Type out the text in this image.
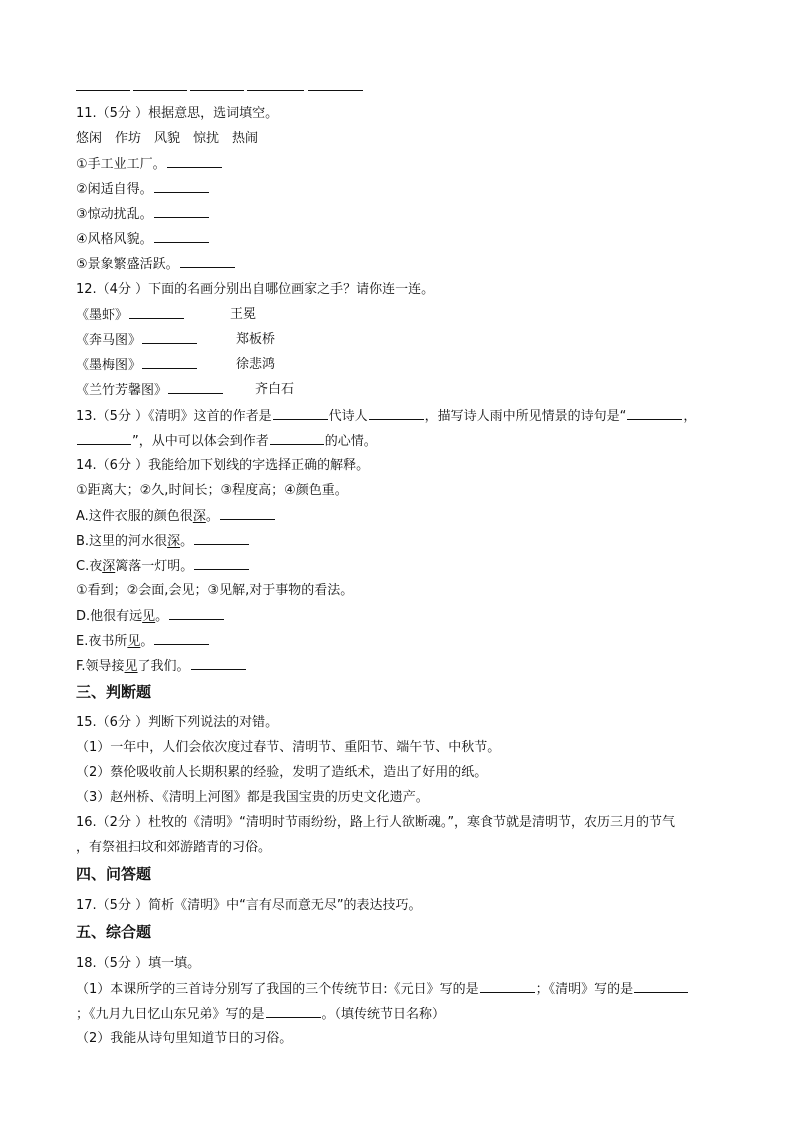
11.（5分 ）根据意思，选词填空。
悠闲　作坊　风貌　惊扰　热闹
①手工业工厂。
②闲适自得。
③惊动扰乱。
④风格风貌。
⑤景象繁盛活跃。
12.（4分 ）下面的名画分别出自哪位画家之手？请你连一连。
《墨虾》	王冕
《奔马图》	郑板桥
《墨梅图》	徐悲鸿
《兰竹芳馨图》	齐白石
13.（5分 ）《清明》这首的作者是	代诗人	，描写诗人雨中所见情景的诗句是“	，
”，从中可以体会到作者	的心情。
14.（6分 ）我能给加下划线的字选择正确的解释。
①距离大；②久,时间长；③程度高；④颜色重。
A.这件衣服的颜色很深。
B.这里的河水很深。
C.夜深篱落一灯明。
①看到；②会面,会见；③见解,对于事物的看法。
D.他很有远见。
E.夜书所见。
F.领导接见了我们。
三、判断题
15.（6分 ）判断下列说法的对错。
（1）一年中，人们会依次度过春节、清明节、重阳节、端午节、中秋节。
（2）蔡伦吸收前人长期积累的经验，发明了造纸术，造出了好用的纸。
（3）赵州桥、《清明上河图》都是我国宝贵的历史文化遗产。
16.（2分 ）杜牧的《清明》“清明时节雨纷纷，路上行人欲断魂。”，寒食节就是清明节，农历三月的节气
，有祭祖扫坟和郊游踏青的习俗。
四、问答题
17.（5分 ）简析《清明》中“言有尽而意无尽”的表达技巧。
五、综合题
18.（5分 ）填一填。
（1）本课所学的三首诗分别写了我国的三个传统节日:《元日》写的是	；《清明》写的是
；《九月九日忆山东兄弟》写的是	。（填传统节日名称）
（2）我能从诗句里知道节日的习俗。
